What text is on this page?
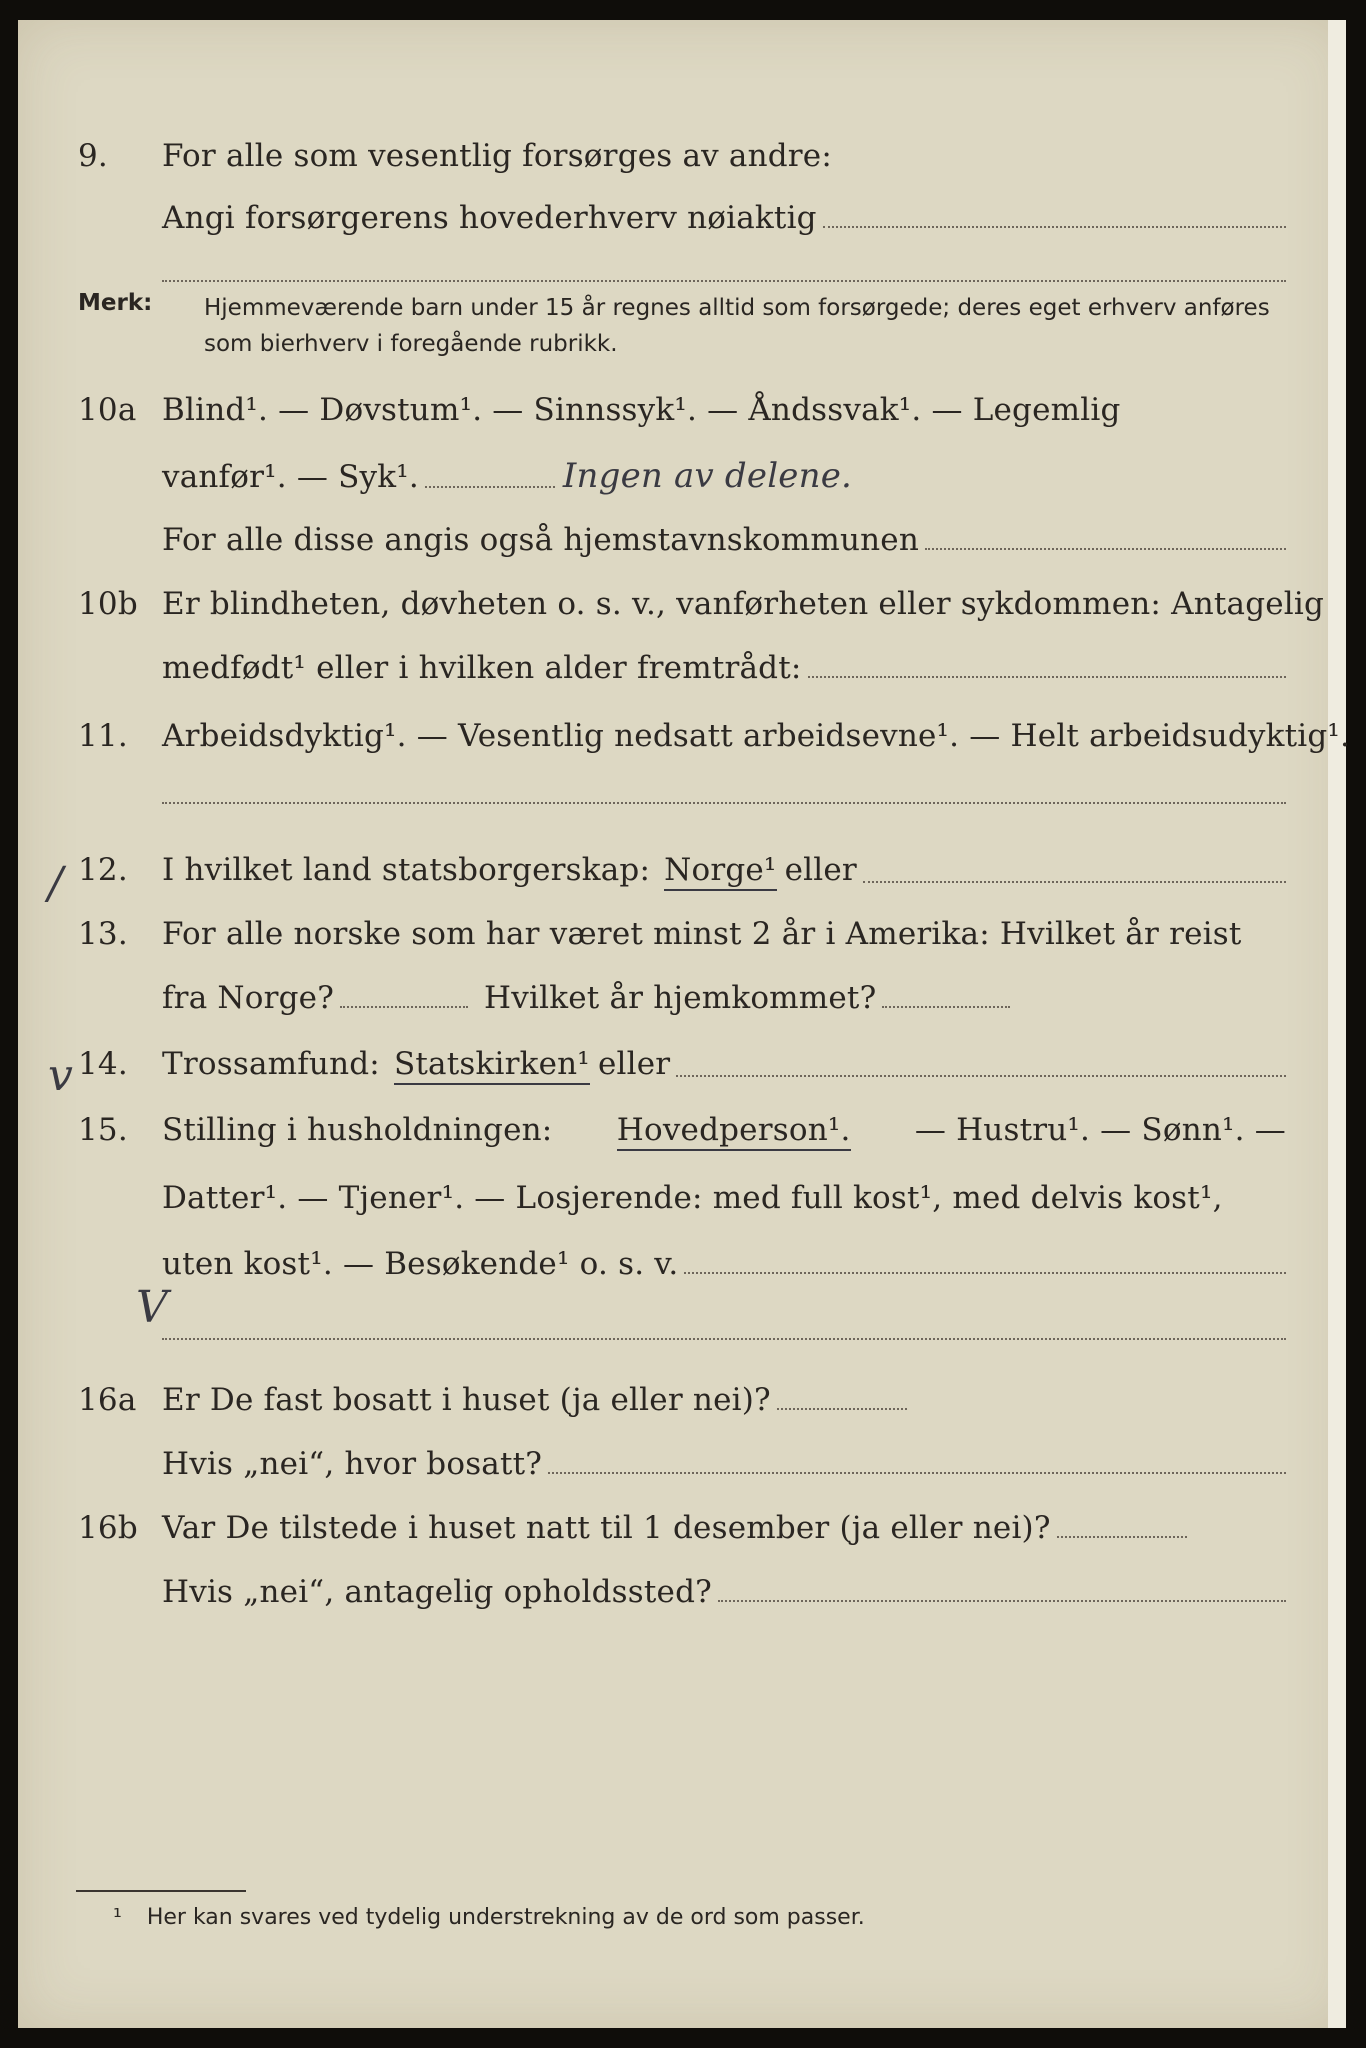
9. For alle som vesentlig forsørges av andre:
Angi forsørgerens hovederhverv nøiaktig
Merk: Hjemmeværende barn under 15 år regnes alltid som forsørgede; deres eget erhverv anføres som bierhverv i foregående rubrikk.
10a Blind¹. — Døvstum¹. — Sinnssyk¹. — Åndssvak¹. — Legemlig
vanfør¹. — Syk¹.	Ingen av delene.
For alle disse angis også hjemstavnskommunen
10b Er blindheten, døvheten o. s. v., vanførheten eller sykdommen: Antagelig
medfødt¹ eller i hvilken alder fremtrådt:
11. Arbeidsdyktig¹. — Vesentlig nedsatt arbeidsevne¹. — Helt arbeidsudyktig¹.
/ 12. I hvilket land statsborgerskap: Norge¹ eller
13. For alle norske som har været minst 2 år i Amerika: Hvilket år reist
fra Norge?	Hvilket år hjemkommet?
v 14. Trossamfund: Statskirken¹ eller
15. Stilling i husholdningen: Hovedperson¹. — Hustru¹. — Sønn¹. —
Datter¹. — Tjener¹. — Losjerende: med full kost¹, med delvis kost¹,
uten kost¹. — Besøkende¹ o. s. v.
V
16a Er De fast bosatt i huset (ja eller nei)?
Hvis „nei“, hvor bosatt?
16b Var De tilstede i huset natt til 1 desember (ja eller nei)?
Hvis „nei“, antagelig opholdssted?
¹ Her kan svares ved tydelig understrekning av de ord som passer.
